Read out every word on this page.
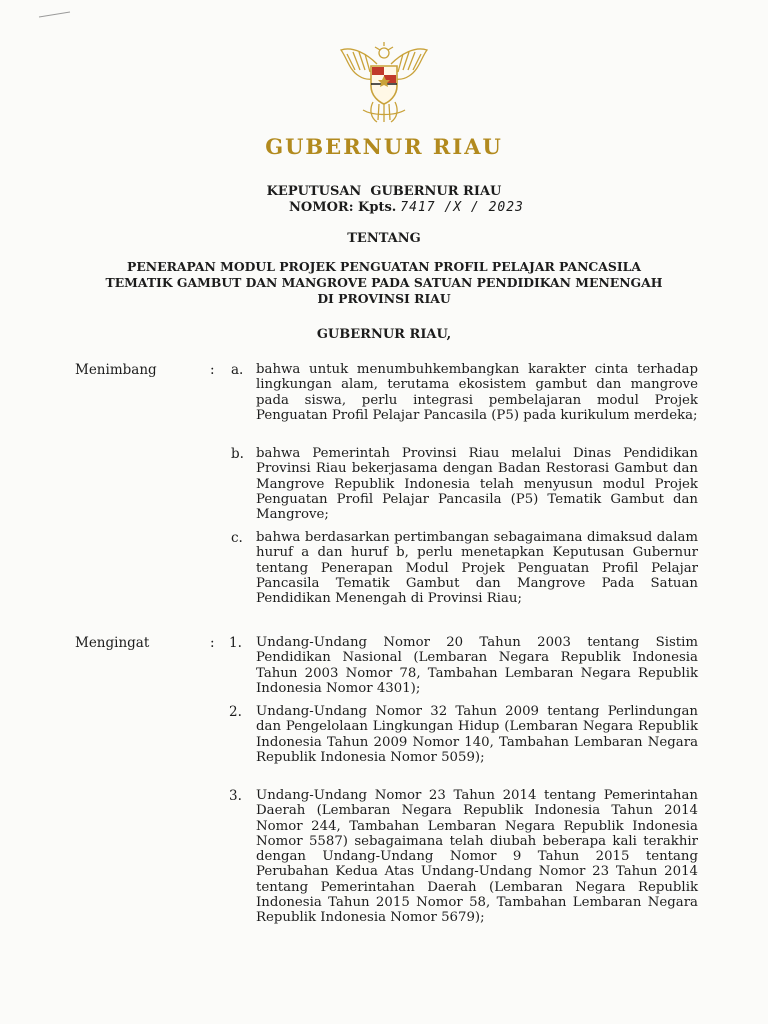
GUBERNUR RIAU
KEPUTUSAN  GUBERNUR RIAU
NOMOR: Kpts. 7417 /X / 2023
TENTANG
PENERAPAN MODUL PROJEK PENGUATAN PROFIL PELAJAR PANCASILA
TEMATIK GAMBUT DAN MANGROVE PADA SATUAN PENDIDIKAN MENENGAH
DI PROVINSI RIAU
GUBERNUR RIAU,
Menimbang	: a. bahwa untuk menumbuhkembangkan karakter cinta terhadap lingkungan alam, terutama ekosistem gambut dan mangrove pada siswa, perlu integrasi pembelajaran modul Projek Penguatan Profil Pelajar Pancasila (P5) pada kurikulum merdeka;
b. bahwa Pemerintah Provinsi Riau melalui Dinas Pendidikan Provinsi Riau bekerjasama dengan Badan Restorasi Gambut dan Mangrove Republik Indonesia telah menyusun modul Projek Penguatan Profil Pelajar Pancasila (P5) Tematik Gambut dan Mangrove;
c. bahwa berdasarkan pertimbangan sebagaimana dimaksud dalam huruf a dan huruf b, perlu menetapkan Keputusan Gubernur tentang Penerapan Modul Projek Penguatan Profil Pelajar Pancasila Tematik Gambut dan Mangrove Pada Satuan Pendidikan Menengah di Provinsi Riau;
Mengingat	: 1. Undang-Undang Nomor 20 Tahun 2003 tentang Sistim Pendidikan Nasional (Lembaran Negara Republik Indonesia Tahun 2003 Nomor 78, Tambahan Lembaran Negara Republik Indonesia Nomor 4301);
2. Undang-Undang Nomor 32 Tahun 2009 tentang Perlindungan dan Pengelolaan Lingkungan Hidup (Lembaran Negara Republik Indonesia Tahun 2009 Nomor 140, Tambahan Lembaran Negara Republik Indonesia Nomor 5059);
3. Undang-Undang Nomor 23 Tahun 2014 tentang Pemerintahan Daerah (Lembaran Negara Republik Indonesia Tahun 2014 Nomor 244, Tambahan Lembaran Negara Republik Indonesia Nomor 5587) sebagaimana telah diubah beberapa kali terakhir dengan Undang-Undang Nomor 9 Tahun 2015 tentang Perubahan Kedua Atas Undang-Undang Nomor 23 Tahun 2014 tentang Pemerintahan Daerah (Lembaran Negara Republik Indonesia Tahun 2015 Nomor 58, Tambahan Lembaran Negara Republik Indonesia Nomor 5679);
